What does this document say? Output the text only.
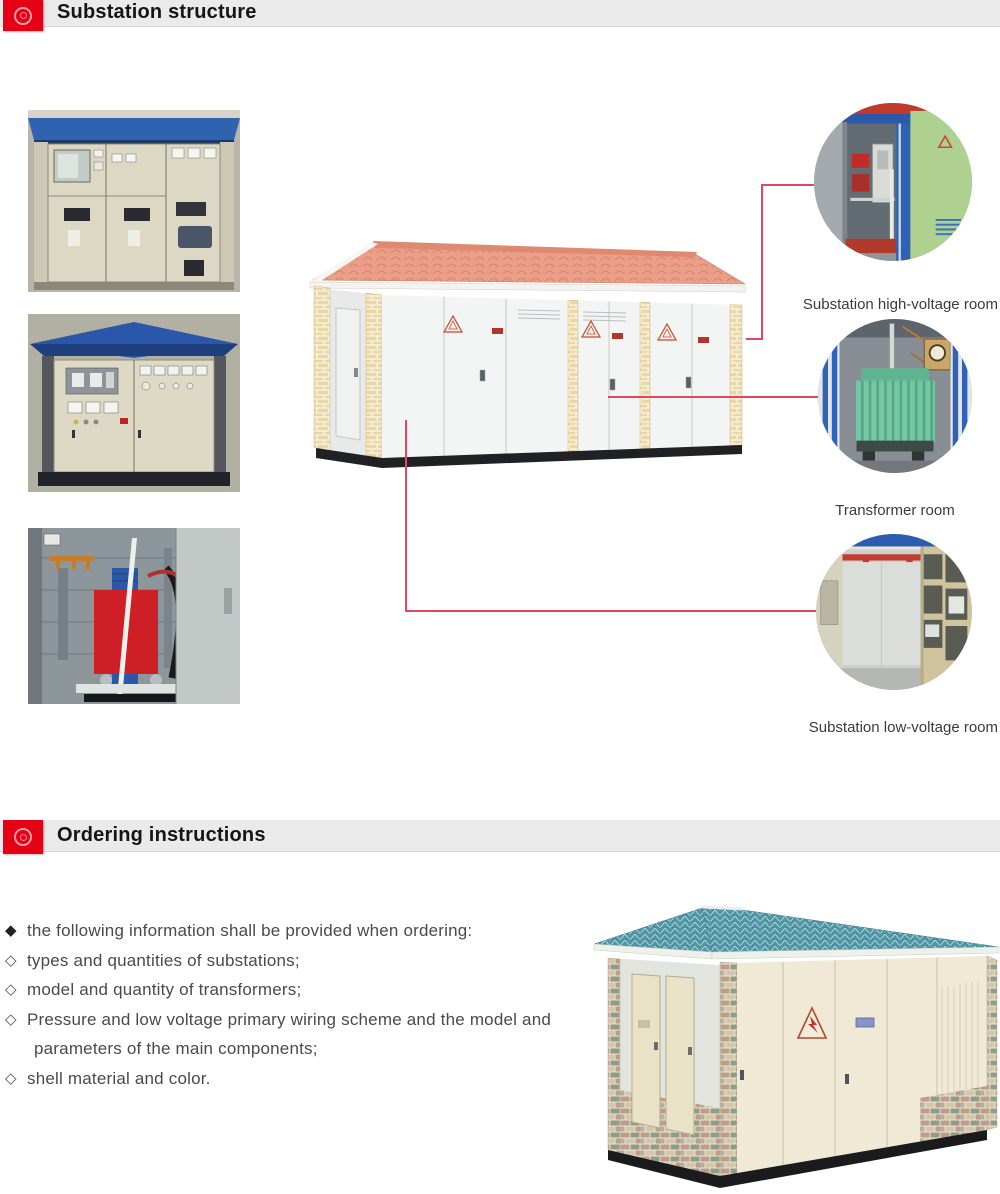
Substation structure
Substation high-voltage room
Transformer room
Substation low-voltage room
Ordering instructions
◆ the following information shall be provided when ordering:
◇ types and quantities of substations;
◇ model and quantity of transformers;
◇ Pressure and low voltage primary wiring scheme and the model and
parameters of the main components;
◇ shell material and color.
